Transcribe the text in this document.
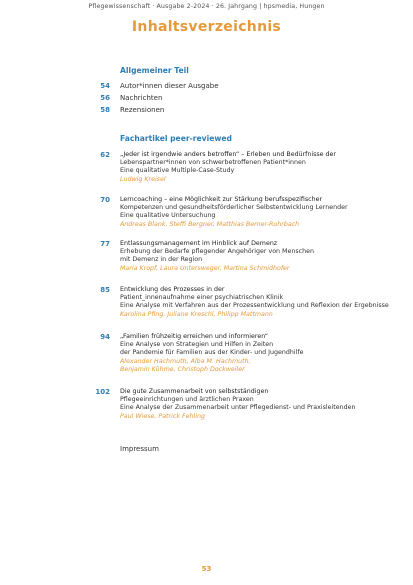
Pflegewissenschaft · Ausgabe 2-2024 · 26. Jahrgang | hpsmedia, Hungen
Inhaltsverzeichnis
Allgemeiner Teil
54 Autor*innen dieser Ausgabe
56 Nachrichten
58 Rezensionen
Fachartikel peer-reviewed
62 „Jeder ist irgendwie anders betroffen“ – Erleben und Bedürfnisse der
Lebenspartner*innen von schwerbetroffenen Patient*innen
Eine qualitative Multiple-Case-Study
Ludwig Kreisel
70 Lerncoaching – eine Möglichkeit zur Stärkung berufsspezifischer
Kompetenzen und gesundheitsförderlicher Selbstentwicklung Lernender
Eine qualitative Untersuchung
Andreas Blank, Steffi Bergner, Matthias Berner-Rohrbach
77 Entlassungsmanagement im Hinblick auf Demenz
Erhebung der Bedarfe pflegender Angehöriger von Menschen
mit Demenz in der Region
Maria Kropf, Laura Untersweger, Martina Schmidhofer
85 Entwicklung des Prozesses in der
Patient_innenaufnahme einer psychiatrischen Klinik
Eine Analyse mit Verfahren aus der Prozessentwicklung und Reflexion der Ergebnisse
Karolina Pfing, Juliane Kreschl, Philipp Mattmann
94 „Familien frühzeitig erreichen und informieren“
Eine Analyse von Strategien und Hilfen in Zeiten
der Pandemie für Familien aus der Kinder- und Jugendhilfe
Alexander Hachmuth, Alba M. Hachmuth,
Benjamin Kühme, Christoph Dockweiler
102 Die gute Zusammenarbeit von selbstständigen
Pflegeeinrichtungen und ärztlichen Praxen
Eine Analyse der Zusammenarbeit unter Pflegedienst- und Praxisleitenden
Paul Wiese, Patrick Fehling
Impressum
53
